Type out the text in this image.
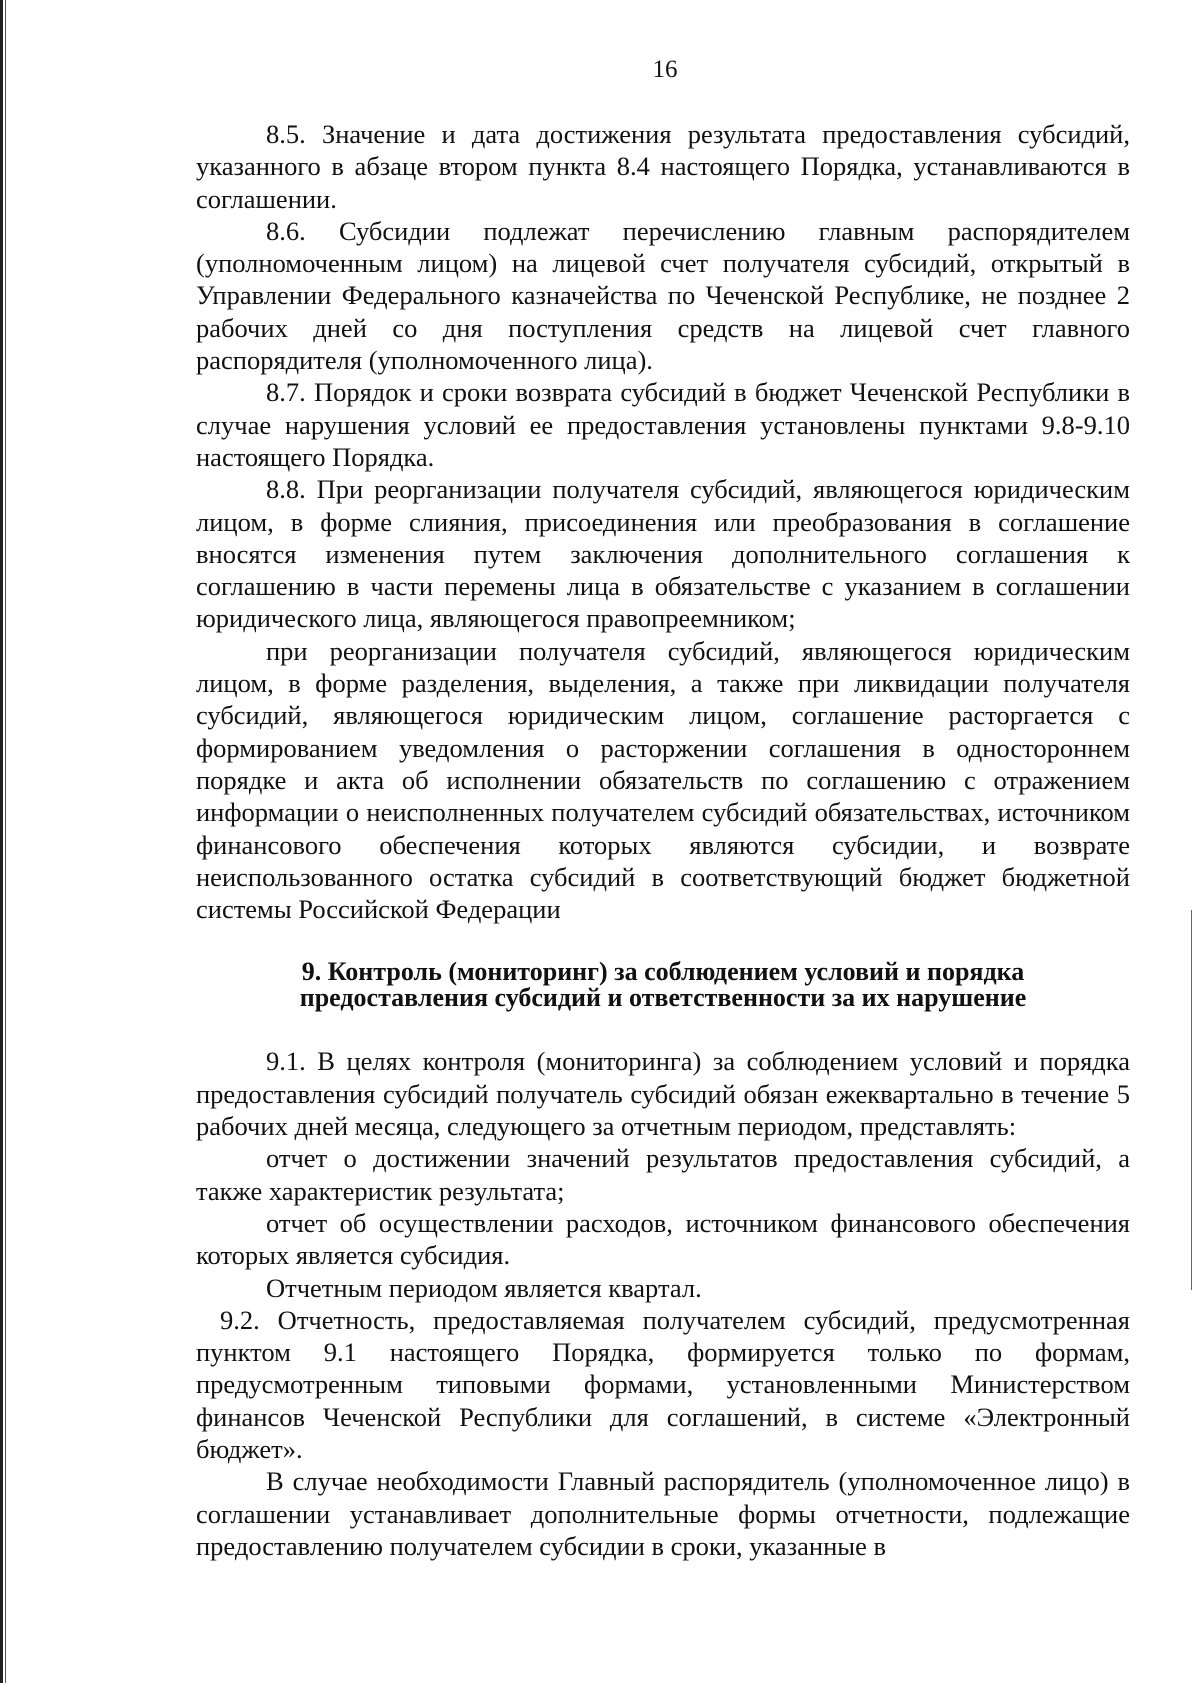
16

8.5. Значение и дата достижения результата предоставления субсидий, указанного в абзаце втором пункта 8.4 настоящего Порядка, устанавливаются в соглашении.

8.6. Субсидии подлежат перечислению главным распорядителем (уполномоченным лицом) на лицевой счет получателя субсидий, открытый в Управлении Федерального казначейства по Чеченской Республике, не позднее 2 рабочих дней со дня поступления средств на лицевой счет главного распорядителя (уполномоченного лица).

8.7. Порядок и сроки возврата субсидий в бюджет Чеченской Республики в случае нарушения условий ее предоставления установлены пунктами 9.8-9.10 настоящего Порядка.

8.8. При реорганизации получателя субсидий, являющегося юридическим лицом, в форме слияния, присоединения или преобразования в соглашение вносятся изменения путем заключения дополнительного соглашения к соглашению в части перемены лица в обязательстве с указанием в соглашении юридического лица, являющегося правопреемником;

при реорганизации получателя субсидий, являющегося юридическим лицом, в форме разделения, выделения, а также при ликвидации получателя субсидий, являющегося юридическим лицом, соглашение расторгается с формированием уведомления о расторжении соглашения в одностороннем порядке и акта об исполнении обязательств по соглашению с отражением информации о неисполненных получателем субсидий обязательствах, источником финансового обеспечения которых являются субсидии, и возврате неиспользованного остатка субсидий в соответствующий бюджет бюджетной системы Российской Федерации

9. Контроль (мониторинг) за соблюдением условий и порядка
предоставления субсидий и ответственности за их нарушение

9.1. В целях контроля (мониторинга) за соблюдением условий и порядка предоставления субсидий получатель субсидий обязан ежеквартально в течение 5 рабочих дней месяца, следующего за отчетным периодом, представлять:

отчет о достижении значений результатов предоставления субсидий, а также характеристик результата;

отчет об осуществлении расходов, источником финансового обеспечения которых является субсидия.

Отчетным периодом является квартал.

9.2. Отчетность, предоставляемая получателем субсидий, предусмотренная пунктом 9.1 настоящего Порядка, формируется только по формам, предусмотренным типовыми формами, установленными Министерством финансов Чеченской Республики для соглашений, в системе «Электронный бюджет».

В случае необходимости Главный распорядитель (уполномоченное лицо) в соглашении устанавливает дополнительные формы отчетности, подлежащие предоставлению получателем субсидии в сроки, указанные в
